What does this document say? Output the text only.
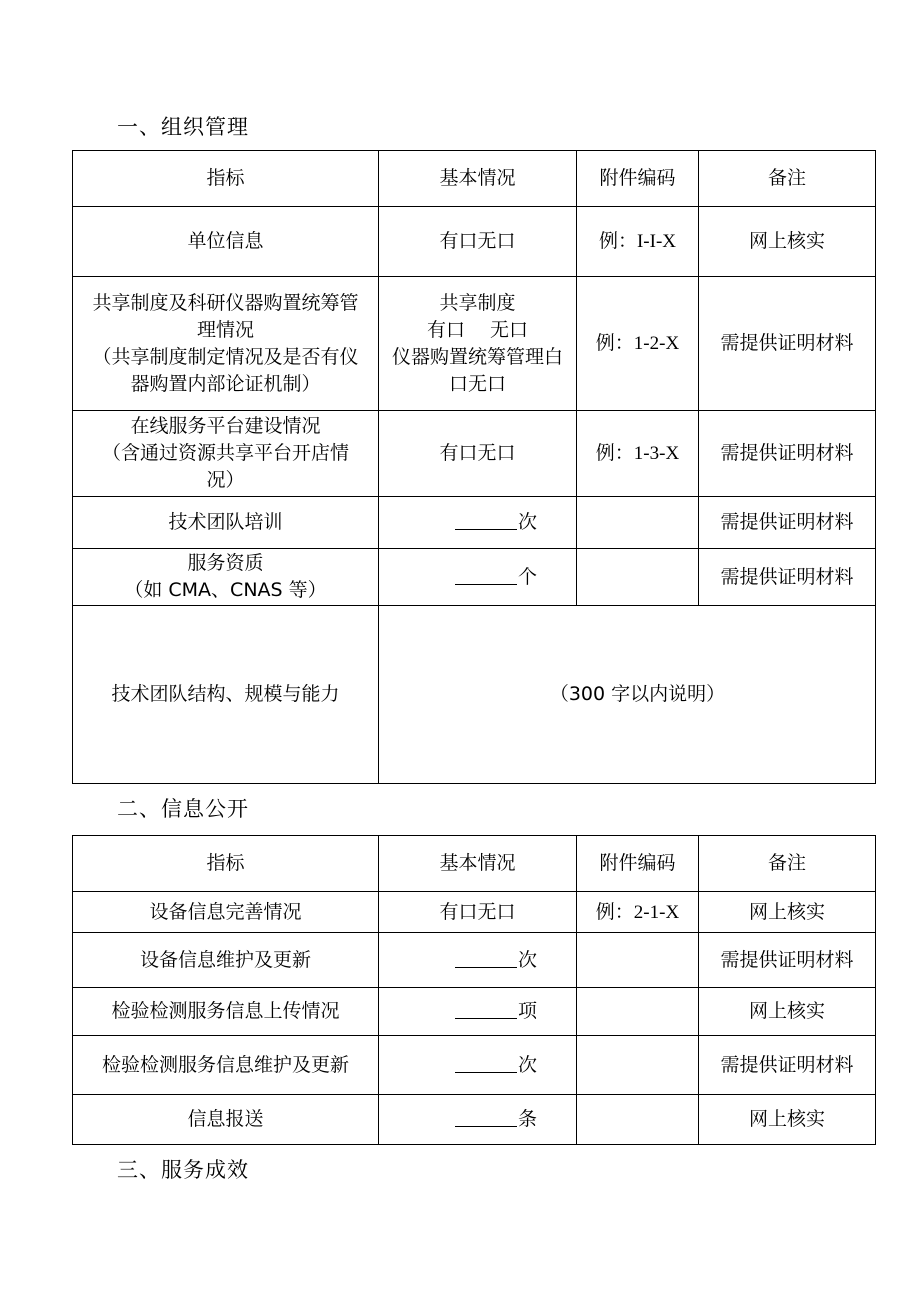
一、组织管理
指标	基本情况	附件编码	备注

单位信息	有口无口	例：I-I-X	网上核实

共享制度及科研仪器购置统筹管
理情况
（共享制度制定情况及是否有仪
器购置内部论证机制）	共享制度
有口　 无口
仪器购置统筹管理白
口无口	例：1-2-X	需提供证明材料

在线服务平台建设情况
（含通过资源共享平台开店情
况）	有口无口	例：1-3-X	需提供证明材料

技术团队培训	次		需提供证明材料

服务资质
（如 CMA、CNAS 等）	个		需提供证明材料
技术团队结构、规模与能力	（300 字以内说明）		
二、信息公开
指标	基本情况	附件编码	备注

设备信息完善情况	有口无口	例：2-1-X	网上核实

设备信息维护及更新	次		需提供证明材料

检验检测服务信息上传情况	项		网上核实

检验检测服务信息维护及更新	次		需提供证明材料

信息报送	条		网上核实
三、服务成效
